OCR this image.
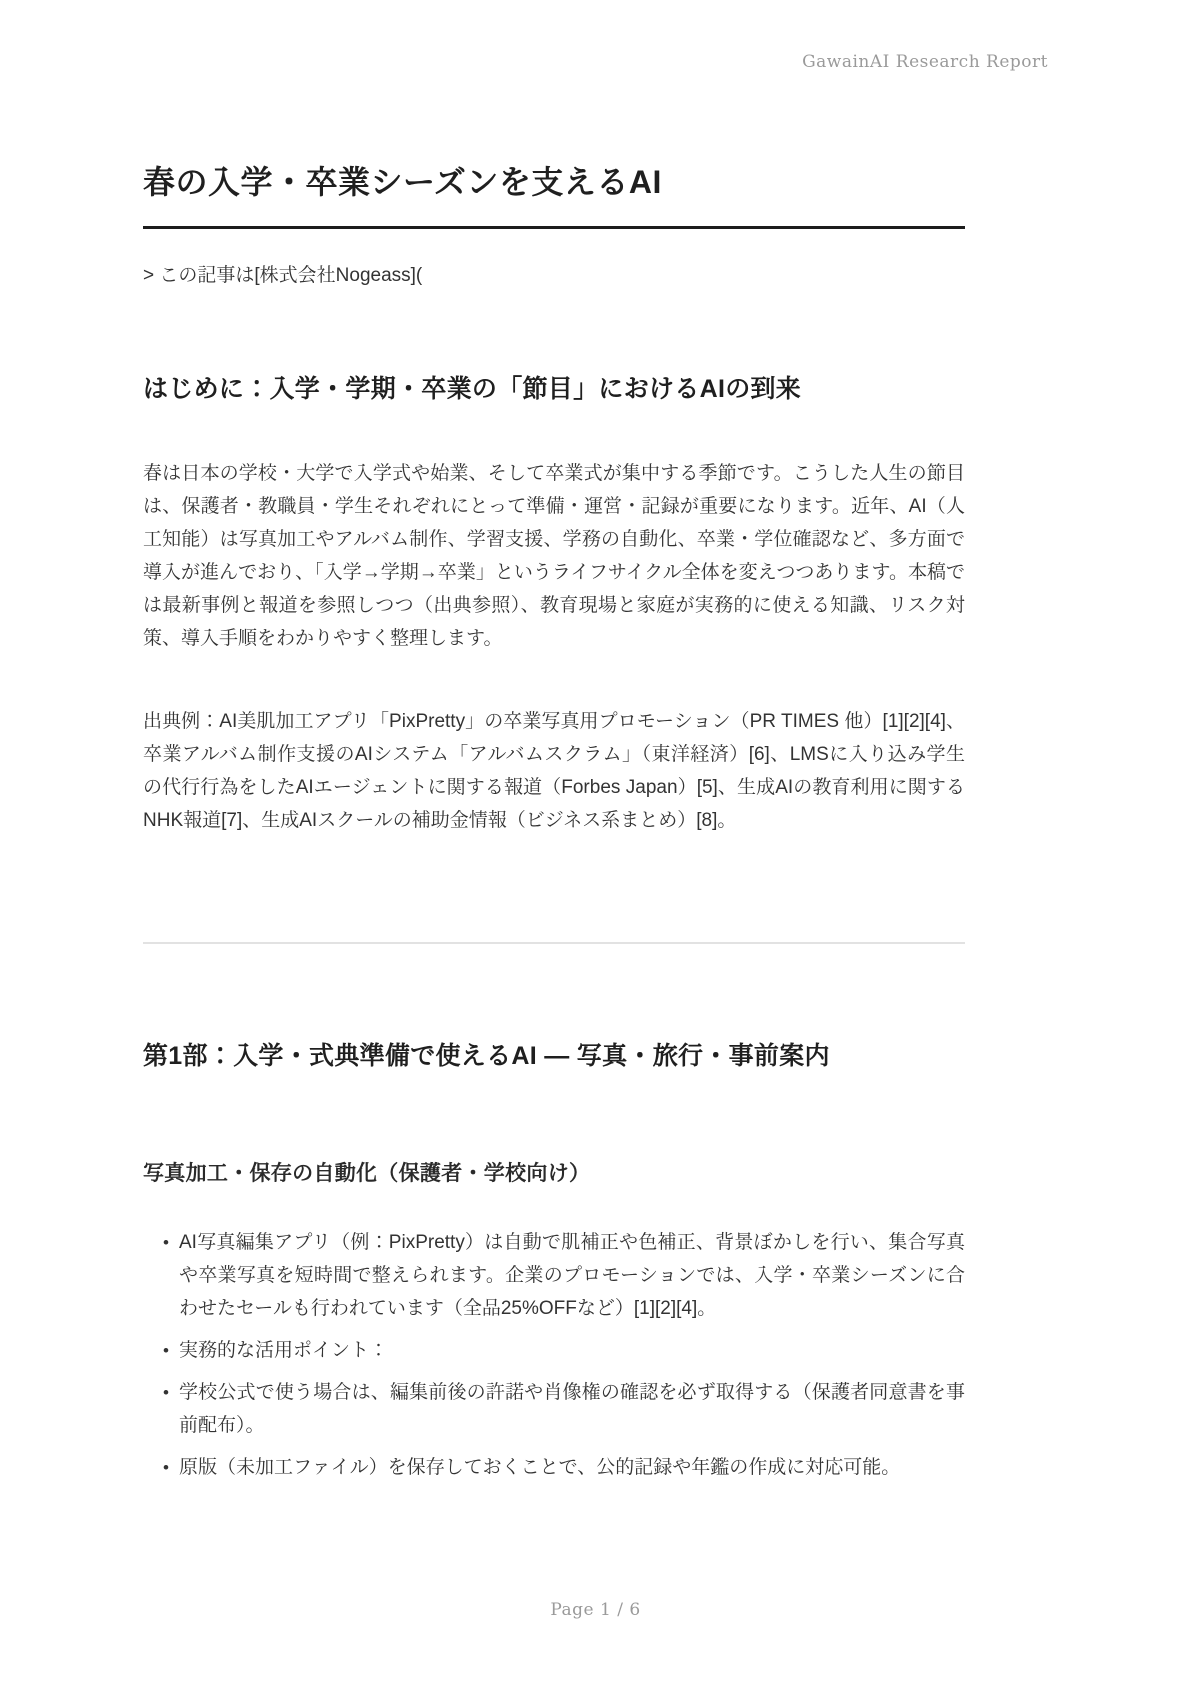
GawainAI Research Report
春の入学・卒業シーズンを支えるAI

> この記事は[株式会社Nogeass](

はじめに：入学・学期・卒業の「節目」におけるAIの到来

春は日本の学校・大学で入学式や始業、そして卒業式が集中する季節です。こうした人生の節目は、保護者・教職員・学生それぞれにとって準備・運営・記録が重要になります。近年、AI（人工知能）は写真加工やアルバム制作、学習支援、学務の自動化、卒業・学位確認など、多方面で導入が進んでおり、「入学→学期→卒業」というライフサイクル全体を変えつつあります。本稿では最新事例と報道を参照しつつ（出典参照）、教育現場と家庭が実務的に使える知識、リスク対策、導入手順をわかりやすく整理します。

出典例：AI美肌加工アプリ「PixPretty」の卒業写真用プロモーション（PR TIMES 他）[1][2][4]、卒業アルバム制作支援のAIシステム「アルバムスクラム」（東洋経済）[6]、LMSに入り込み学生の代行行為をしたAIエージェントに関する報道（Forbes Japan）[5]、生成AIの教育利用に関するNHK報道[7]、生成AIスクールの補助金情報（ビジネス系まとめ）[8]。

第1部：入学・式典準備で使えるAI — 写真・旅行・事前案内
写真加工・保存の自動化（保護者・学校向け）
• AI写真編集アプリ（例：PixPretty）は自動で肌補正や色補正、背景ぼかしを行い、集合写真や卒業写真を短時間で整えられます。企業のプロモーションでは、入学・卒業シーズンに合わせたセールも行われています（全品25%OFFなど）[1][2][4]。
• 実務的な活用ポイント：
• 学校公式で使う場合は、編集前後の許諾や肖像権の確認を必ず取得する（保護者同意書を事前配布）。
• 原版（未加工ファイル）を保存しておくことで、公的記録や年鑑の作成に対応可能。
Page 1 / 6
